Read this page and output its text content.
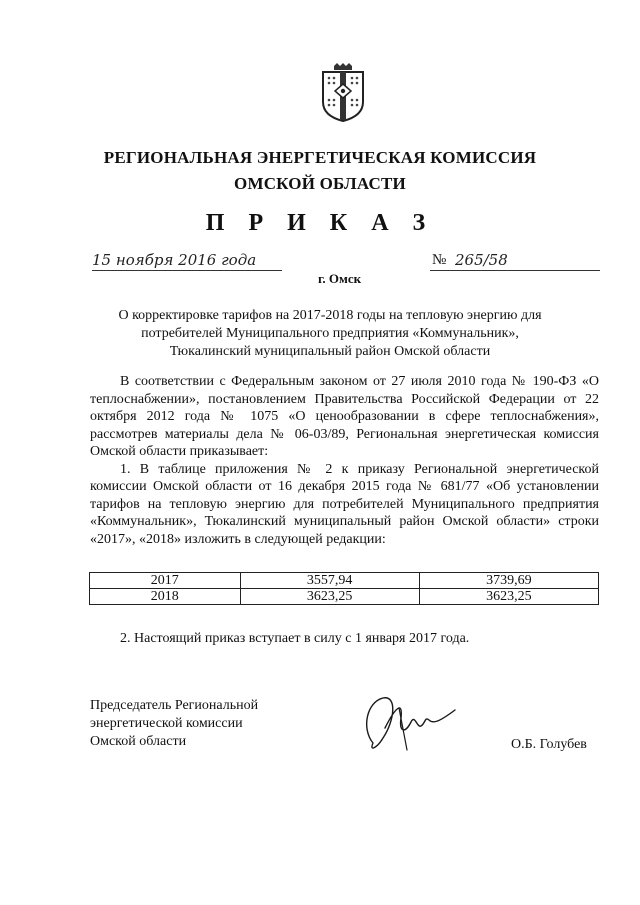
РЕГИОНАЛЬНАЯ ЭНЕРГЕТИЧЕСКАЯ КОМИССИЯ
ОМСКОЙ ОБЛАСТИ
П Р И К А З
15 ноября 2016 года
г. Омск
№ 265/58
О корректировке тарифов на 2017-2018 годы на тепловую энергию для
потребителей Муниципального предприятия «Коммунальник»,
Тюкалинский муниципальный район Омской области

В соответствии с Федеральным законом от 27 июля 2010 года № 190-ФЗ «О теплоснабжении», постановлением Правительства Российской Федерации от 22 октября 2012 года № 1075 «О ценообразовании в сфере теплоснабжения», рассмотрев материалы дела № 06-03/89, Региональная энергетическая комиссия Омской области приказывает:

1. В таблице приложения № 2 к приказу Региональной энергетической комиссии Омской области от 16 декабря 2015 года № 681/77 «Об установлении тарифов на тепловую энергию для потребителей Муниципального предприятия «Коммунальник», Тюкалинский муниципальный район Омской области» строки «2017», «2018» изложить в следующей редакции:

2017	3557,94	3739,69
2018	3623,25	3623,25

2. Настоящий приказ вступает в силу с 1 января 2017 года.

Председатель Региональной
энергетической комиссии
Омской области	О.Б. Голубев
